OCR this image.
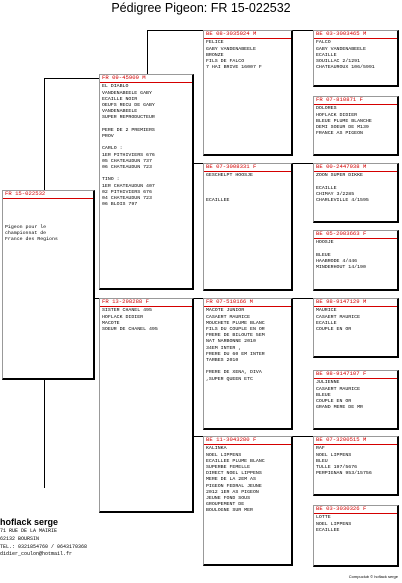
Pédigree Pigeon: FR 15-022532
FR 15-022532
Pigeon pour le
championnat de
France des Regions
FR 09-45909 M
EL DIABLO
VANDENABEELE GABY
ECAILLE NOIR
OEUFS RECU DE GABY
VANDENABEELE
SUPER REPRODUCTEUR
PERE DE 2 PREMIERS
PROV
CARLO :
1ER PITHIVIERS 676
05 CHATEAUDUN 737
06 CHATEAUDUN 723
TINO :
1ER CHATEAUDUN 407
02 PITHIVIERS 676
04 CHATEAUDUN 723
06 BLOIS 797
FR 13-298288 F
SISTER CHANEL 495
HOFLACK DIDIER
MACOTE
SOEUR DE CHANEL 495
BE 08-3035024 M
FELICE
GABY VANDENABEELE
BRONZE
FILS DE FALCO
7 HAI BRIVE 16007 F
BE 07-3008331 F
GESCHELPT HOOSJE
ECAILLEE
FR 07-510166 M
MACOTE JUNIOR
CASAERT MAURICE
MOUCHETE PLUME BLANC
FILS DU COUPLE EN OR
FRERE DE BILOUTE 5EM
NAT NARBONNE 2010
34EM INTER ,
FRERE DU 60 EM INTER
TARBES 2010
FRERE DE XENA, DIVA
,SUPER QUEEN ETC
BE 11-3043280 F
KALINKA
NOEL LIPPENS
ECAILLEE PLUME BLANC
SUPERBE FEMELLE
DIRECT NOEL LIPPENS
MERE DE LA 2EM AS
PIGEON FEDRAL JEUNE
2012 1ER AS PIGEON
JEUNE FOND SOUS
GROUPEMENT DE
BOULOGNE SUR MER
BE 03-3003465 M
FALCO
GABY VANDENABEELE
ECAILLE
SOUILLAC 2/1291
CHATEAUROUX 106/5991
FR 07-810871 F
DOLORES
HOFLACK DIDIER
BLEUE PLUME BLANCHE
DEMI SOEUR DE M139
FRANCE AS PIGEON
BE 00-2447938 M
ZOON SUPER DIKKE
ECAILLE
CHIMAY 3/2285
CHARLEVILLE 4/1595
BE 05-2083663 F
HOOSJE
BLEUE
HAABRODE 4/446
MINDERHOUT 14/190
BE 98-9147129 M
MAURICE
CASAERT MAURICE
ECAILLE
COUPLE EN OR
BE 98-9147107 F
JULIENNE
CASAERT MAURICE
BLEUE
COUPLE EN OR
GRAND MERE DE MR
BE 07-3200515 M
RAF
NOEL LIPPENS
BLEU
TULLE 197/5676
PERPIGNAN 953/15756
BE 03-3030326 F
LOTTE
NOEL LIPPENS
ECAILLEE
hoflack serge
71 RUE DE LA MAIRIE
62132 BOURSIN
TEL.: 0321854760 / 0643170368
didier_coulon@hotmail.fr
Compuclub © hoflack serge
